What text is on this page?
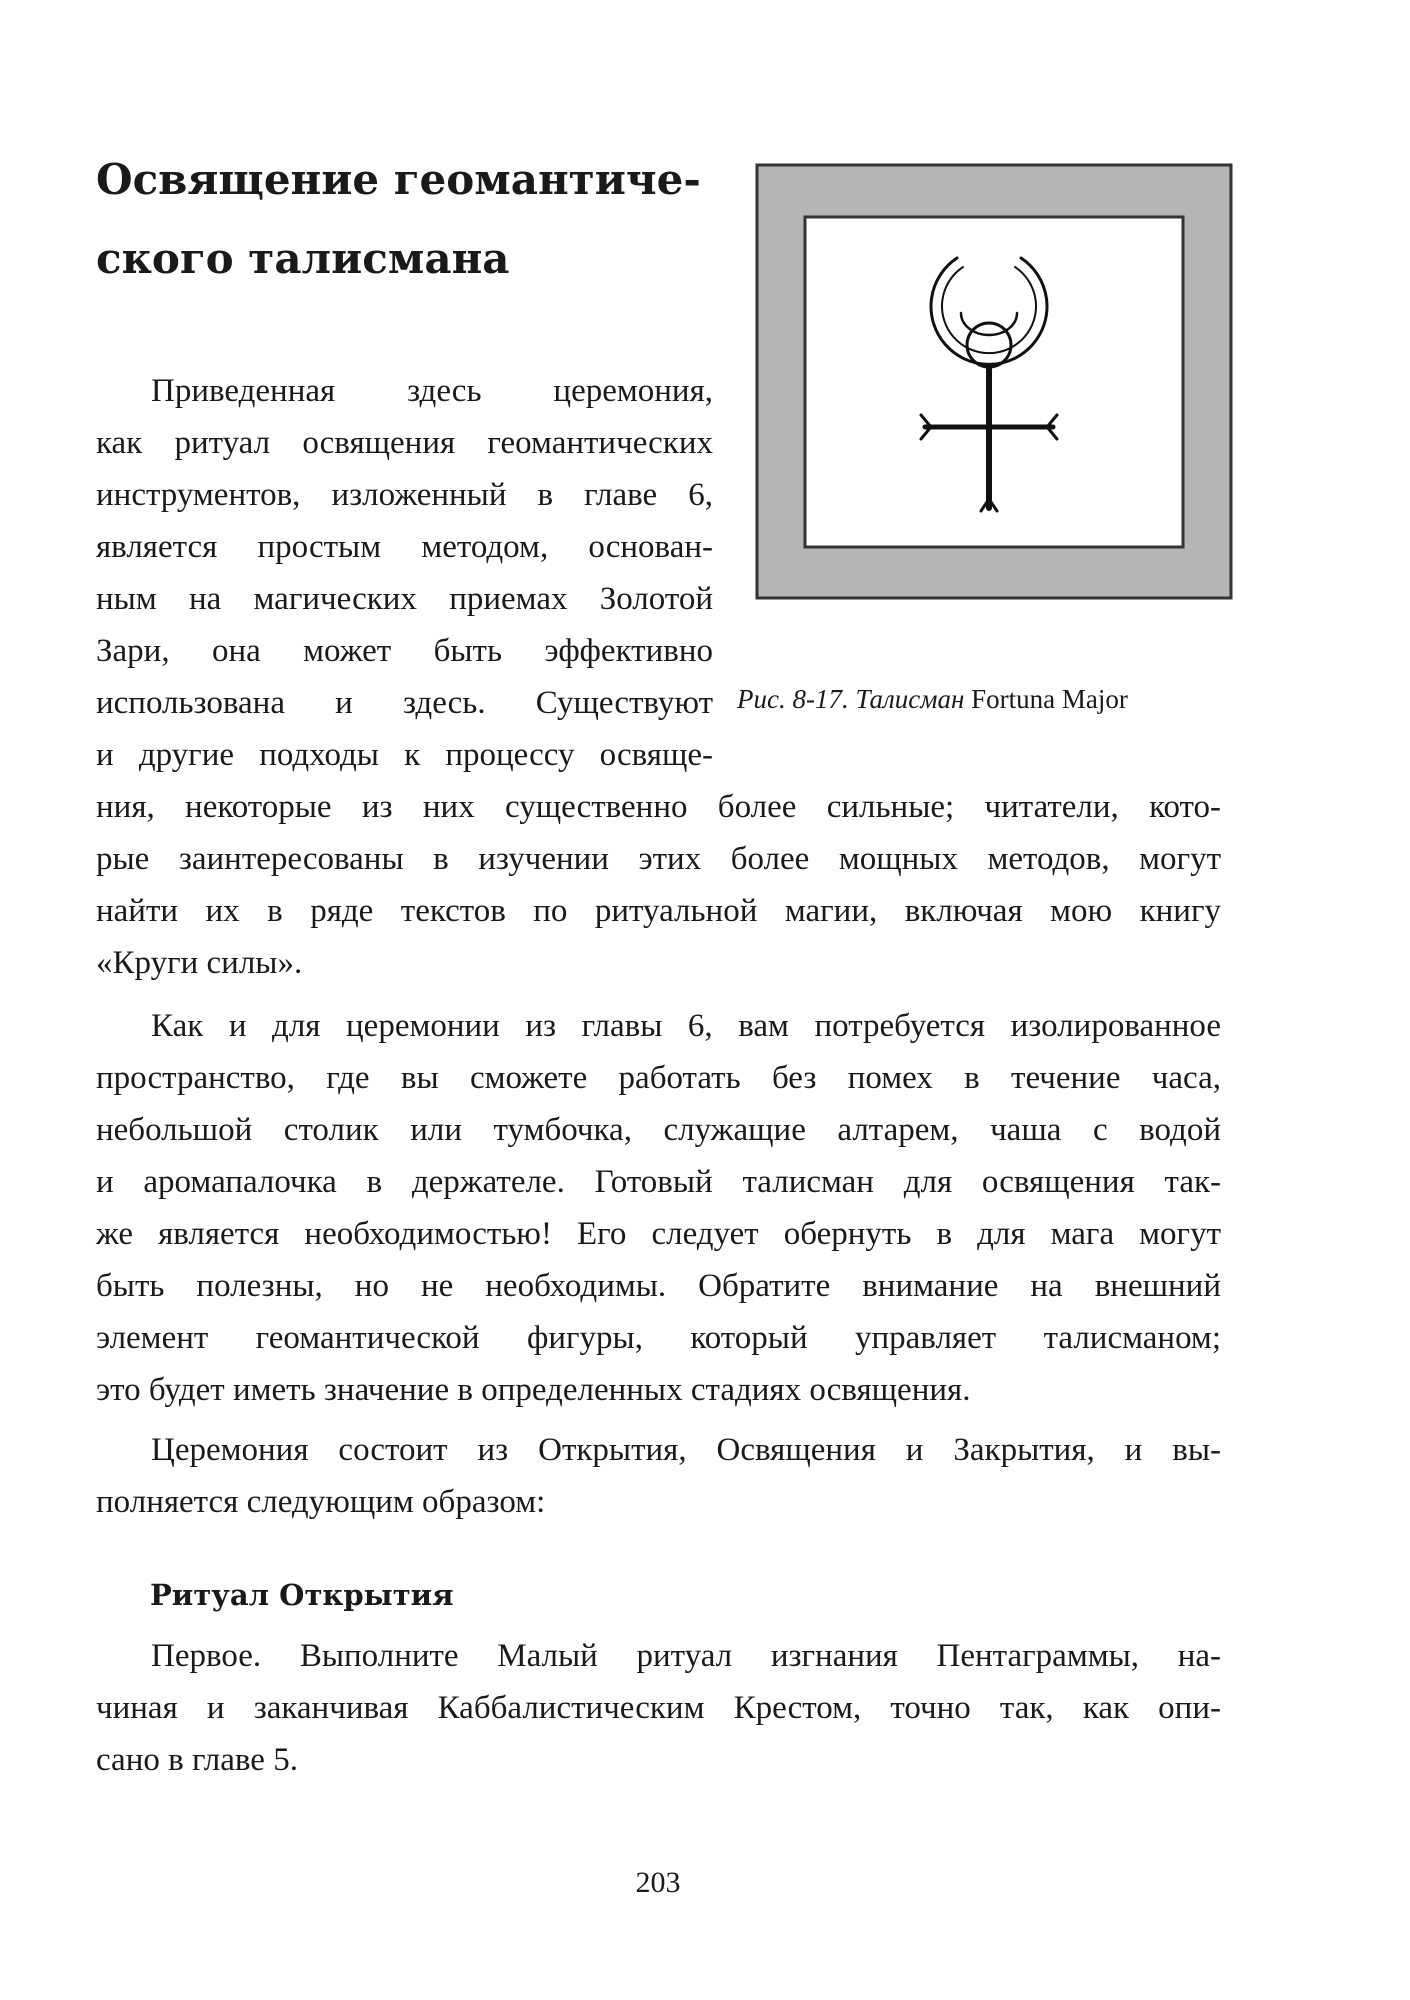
Освящение геомантиче-
ского талисмана
Рис. 8-17. Талисман Fortuna Major
Приведенная здесь церемония,
как ритуал освящения геомантических
инструментов, изложенный в главе 6,
является простым методом, основан-
ным на магических приемах Золотой
Зари, она может быть эффективно
использована и здесь. Существуют
и другие подходы к процессу освяще-
ния, некоторые из них существенно более сильные; читатели, кото-
рые заинтересованы в изучении этих более мощных методов, могут
найти их в ряде текстов по ритуальной магии, включая мою книгу
«Круги силы».
Как и для церемонии из главы 6, вам потребуется изолированное
пространство, где вы сможете работать без помех в течение часа,
небольшой столик или тумбочка, служащие алтарем, чаша с водой
и аромапалочка в держателе. Готовый талисман для освящения так-
же является необходимостью! Его следует обернуть в для мага могут
быть полезны, но не необходимы. Обратите внимание на внешний
элемент геомантической фигуры, который управляет талисманом;
это будет иметь значение в определенных стадиях освящения.
Церемония состоит из Открытия, Освящения и Закрытия, и вы-
полняется следующим образом:
Ритуал Открытия
Первое. Выполните Малый ритуал изгнания Пентаграммы, на-
чиная и заканчивая Каббалистическим Крестом, точно так, как опи-
сано в главе 5.
203
